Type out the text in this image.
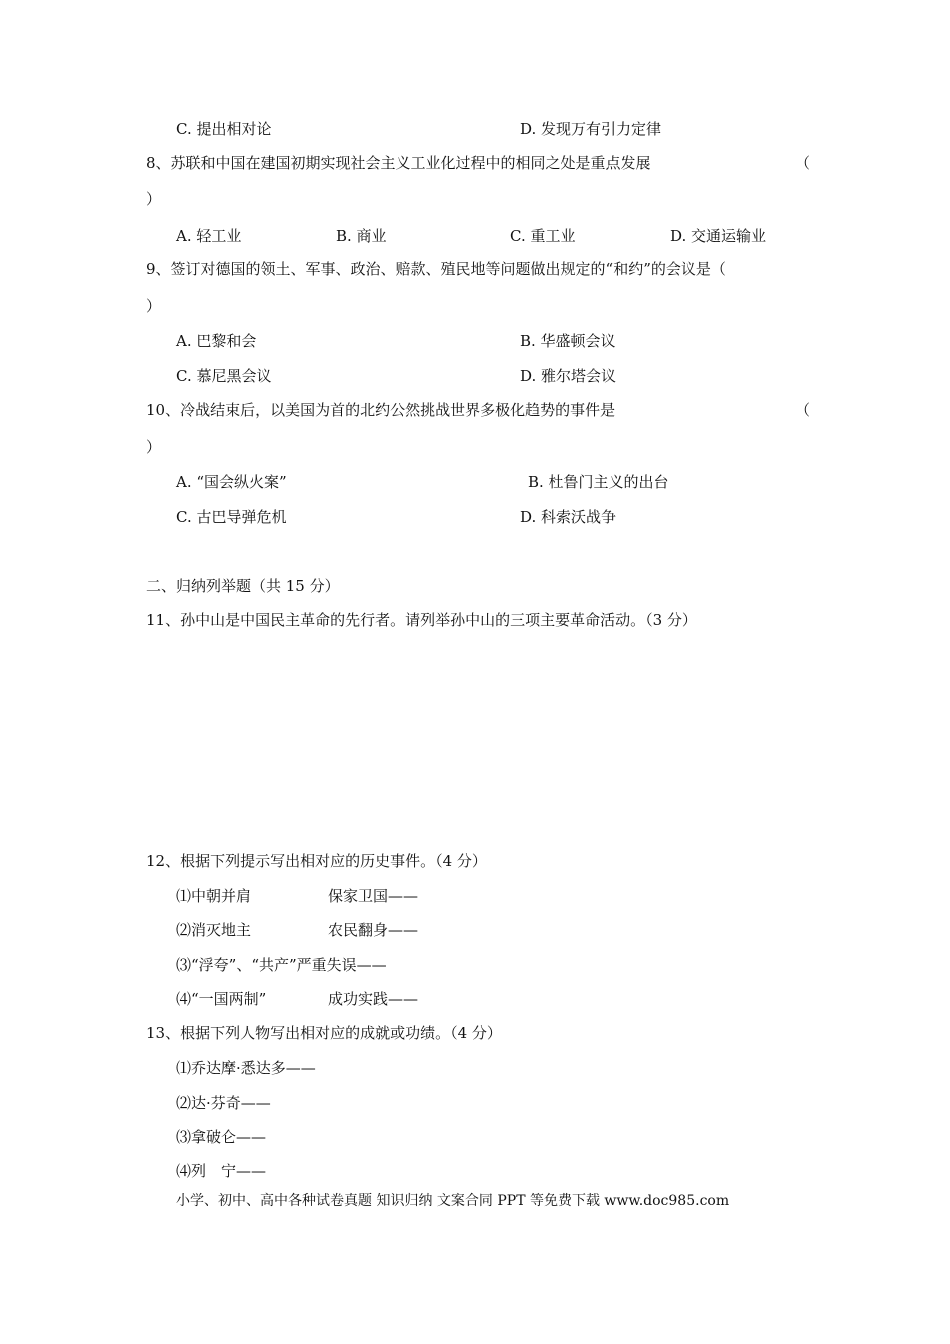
C. 提出相对论	D. 发现万有引力定律
8、苏联和中国在建国初期实现社会主义工业化过程中的相同之处是重点发展	（
）
A. 轻工业	B. 商业	C. 重工业	D. 交通运输业
9、签订对德国的领土、军事、政治、赔款、殖民地等问题做出规定的“和约”的会议是（
）
A. 巴黎和会	B. 华盛顿会议
C. 慕尼黑会议	D. 雅尔塔会议
10、冷战结束后，以美国为首的北约公然挑战世界多极化趋势的事件是	（
）
A. “国会纵火案”	B. 杜鲁门主义的出台
C. 古巴导弹危机	D. 科索沃战争
二、归纳列举题（共 15 分）
11、孙中山是中国民主革命的先行者。请列举孙中山的三项主要革命活动。（3 分）
12、根据下列提示写出相对应的历史事件。（4 分）
⑴中朝并肩	保家卫国——
⑵消灭地主	农民翻身——
⑶“浮夸”、“共产”严重失误——
⑷“一国两制”	成功实践——
13、根据下列人物写出相对应的成就或功绩。（4 分）
⑴乔达摩·悉达多——
⑵达·芬奇——
⑶拿破仑——
⑷列　宁——
小学、初中、高中各种试卷真题 知识归纳 文案合同 PPT 等免费下载 www.doc985.com
